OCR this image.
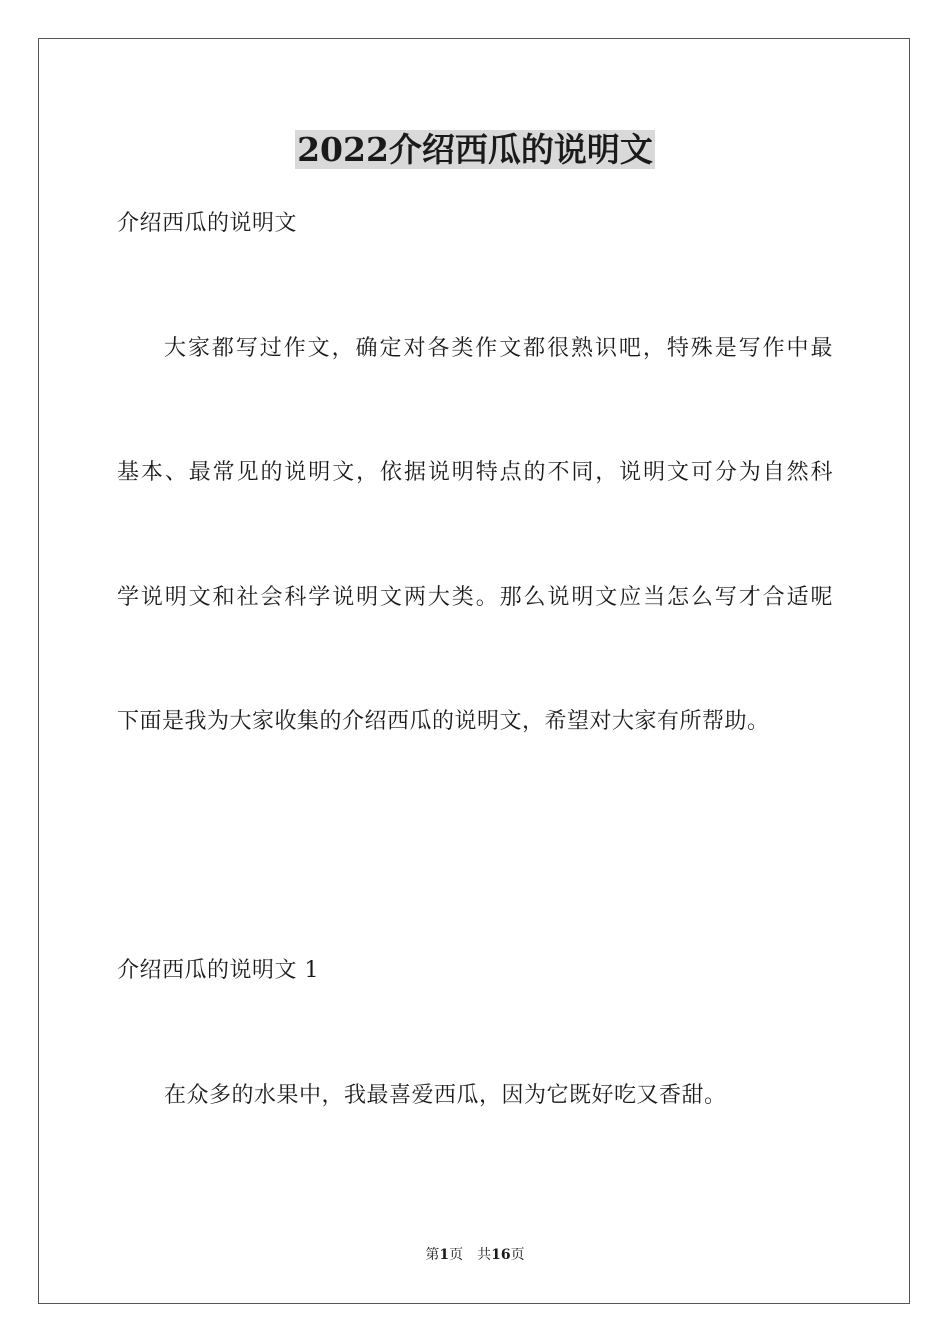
2022介绍西瓜的说明文
介绍西瓜的说明文
大家都写过作文，确定对各类作文都很熟识吧，特殊是写作中最
基本、最常见的说明文，依据说明特点的不同，说明文可分为自然科
学说明文和社会科学说明文两大类。那么说明文应当怎么写才合适呢
下面是我为大家收集的介绍西瓜的说明文，希望对大家有所帮助。
介绍西瓜的说明文 1
在众多的水果中，我最喜爱西瓜，因为它既好吃又香甜。
第1页 共16页
